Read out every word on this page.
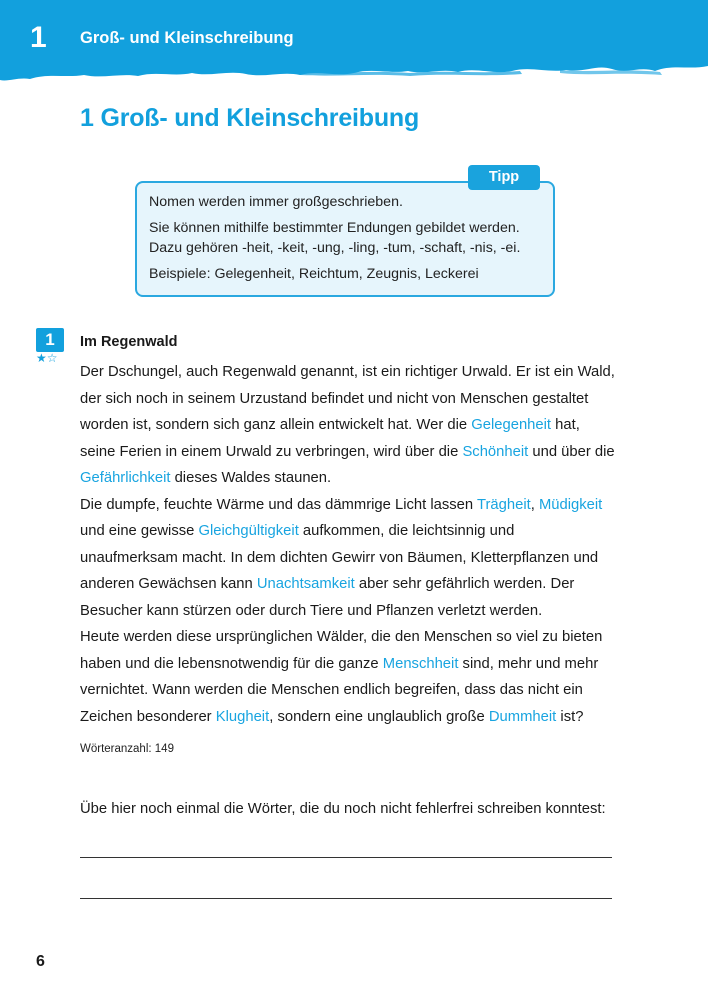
1 Groß- und Kleinschreibung
1 Groß- und Kleinschreibung

Nomen werden immer großgeschrieben.

Sie können mithilfe bestimmter Endungen gebildet werden.

Dazu gehören -heit, -keit, -ung, -ling, -tum, -schaft, -nis, -ei.

Beispiele: Gelegenheit, Reichtum, Zeugnis, Leckerei

Tipp
1
★☆
Im Regenwald
Der Dschungel, auch Regenwald genannt, ist ein richtiger Urwald. Er ist ein Wald,
der sich noch in seinem Urzustand befindet und nicht von Menschen gestaltet
worden ist, sondern sich ganz allein entwickelt hat. Wer die Gelegenheit hat,
seine Ferien in einem Urwald zu verbringen, wird über die Schönheit und über die
Gefährlichkeit dieses Waldes staunen.
Die dumpfe, feuchte Wärme und das dämmrige Licht lassen Trägheit, Müdigkeit
und eine gewisse Gleichgültigkeit aufkommen, die leichtsinnig und
unaufmerksam macht. In dem dichten Gewirr von Bäumen, Kletterpflanzen und
anderen Gewächsen kann Unachtsamkeit aber sehr gefährlich werden. Der
Besucher kann stürzen oder durch Tiere und Pflanzen verletzt werden.
Heute werden diese ursprünglichen Wälder, die den Menschen so viel zu bieten
haben und die lebensnotwendig für die ganze Menschheit sind, mehr und mehr
vernichtet. Wann werden die Menschen endlich begreifen, dass das nicht ein
Zeichen besonderer Klugheit, sondern eine unglaublich große Dummheit ist?
Wörteranzahl: 149
Übe hier noch einmal die Wörter, die du noch nicht fehlerfrei schreiben konntest:
6
